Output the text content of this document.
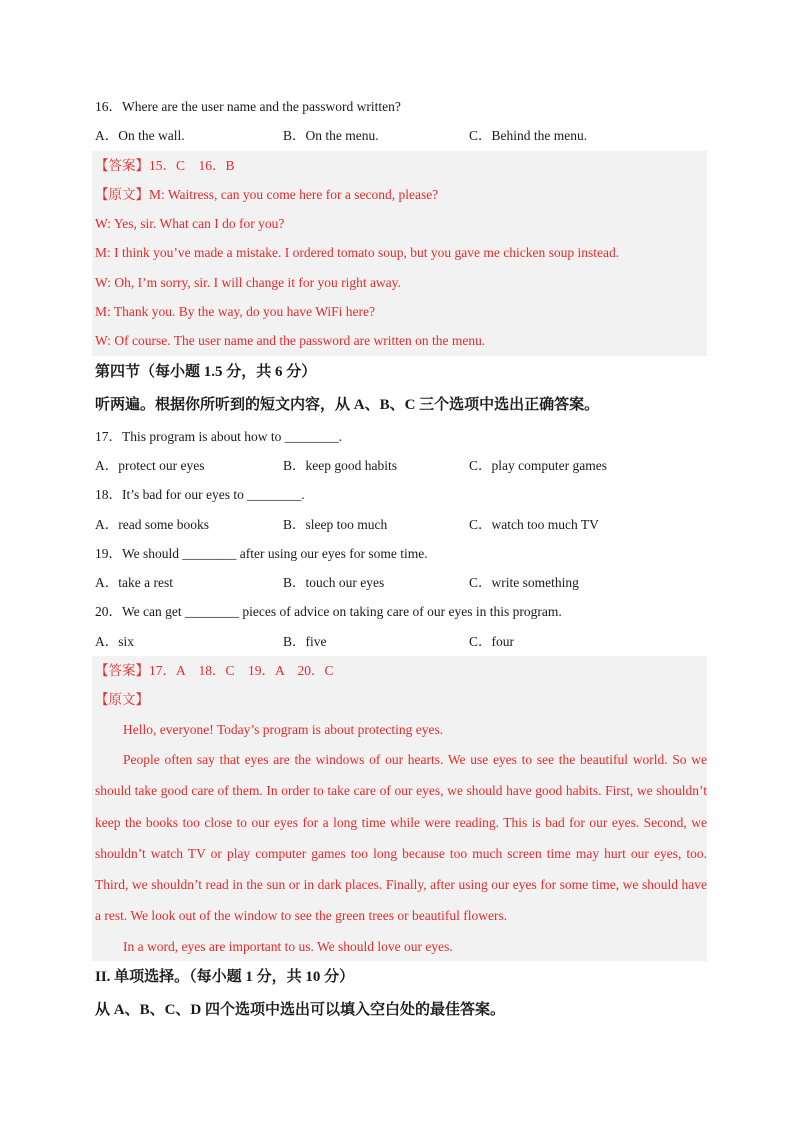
16．Where are the user name and the password written?
A．On the wall.	B．On the menu.	C．Behind the menu.
【答案】15．C　16．B
【原文】M: Waitress, can you come here for a second, please?
W: Yes, sir. What can I do for you?
M: I think you’ve made a mistake. I ordered tomato soup, but you gave me chicken soup instead.
W: Oh, I’m sorry, sir. I will change it for you right away.
M: Thank you. By the way, do you have WiFi here?
W: Of course. The user name and the password are written on the menu.
第四节（每小题 1.5 分，共 6 分）
听两遍。根据你所听到的短文内容，从 A、B、C 三个选项中选出正确答案。
17．This program is about how to ________.
A．protect our eyes	B．keep good habits	C．play computer games
18．It’s bad for our eyes to ________.
A．read some books	B．sleep too much	C．watch too much TV
19．We should ________ after using our eyes for some time.
A．take a rest	B．touch our eyes	C．write something
20．We can get ________ pieces of advice on taking care of our eyes in this program.
A．six	B．five	C．four
【答案】17．A　18．C　19．A　20．C
【原文】
Hello, everyone! Today’s program is about protecting eyes.

People often say that eyes are the windows of our hearts. We use eyes to see the beautiful world. So we should take good care of them. In order to take care of our eyes, we should have good habits. First, we shouldn’t keep the books too close to our eyes for a long time while were reading. This is bad for our eyes. Second, we shouldn’t watch TV or play computer games too long because too much screen time may hurt our eyes, too. Third, we shouldn’t read in the sun or in dark places. Finally, after using our eyes for some time, we should have a rest. We look out of the window to see the green trees or beautiful flowers.

In a word, eyes are important to us. We should love our eyes.
II. 单项选择。（每小题 1 分，共 10 分）
从 A、B、C、D 四个选项中选出可以填入空白处的最佳答案。
